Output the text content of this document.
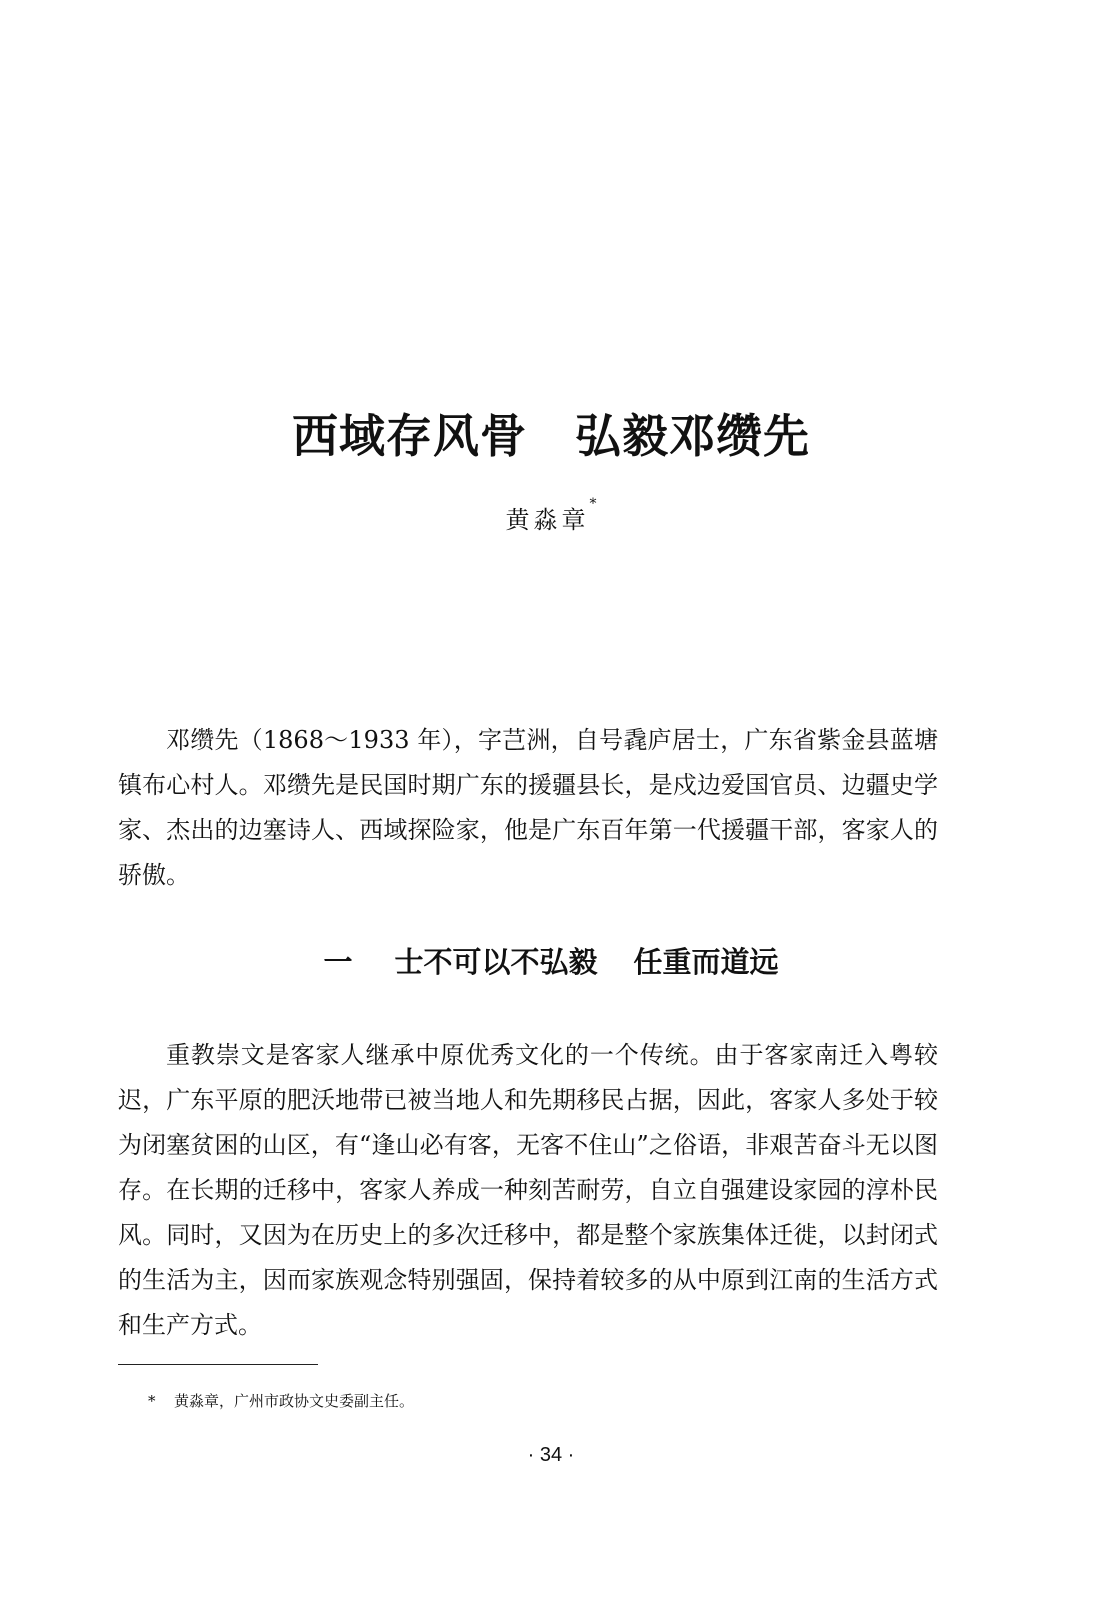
西域存风骨 弘毅邓缵先
黄淼章*

邓缵先（1868～1933 年），字芑洲，自号毳庐居士，广东省紫金县蓝塘镇布心村人。邓缵先是民国时期广东的援疆县长，是戍边爱国官员、边疆史学家、杰出的边塞诗人、西域探险家，他是广东百年第一代援疆干部，客家人的骄傲。

一 士不可以不弘毅 任重而道远

重教崇文是客家人继承中原优秀文化的一个传统。由于客家南迁入粤较迟，广东平原的肥沃地带已被当地人和先期移民占据，因此，客家人多处于较为闭塞贫困的山区，有“逢山必有客，无客不住山”之俗语，非艰苦奋斗无以图存。在长期的迁移中，客家人养成一种刻苦耐劳，自立自强建设家园的淳朴民风。同时，又因为在历史上的多次迁移中，都是整个家族集体迁徙，以封闭式的生活为主，因而家族观念特别强固，保持着较多的从中原到江南的生活方式和生产方式。

* 黄淼章，广州市政协文史委副主任。
· 34 ·
